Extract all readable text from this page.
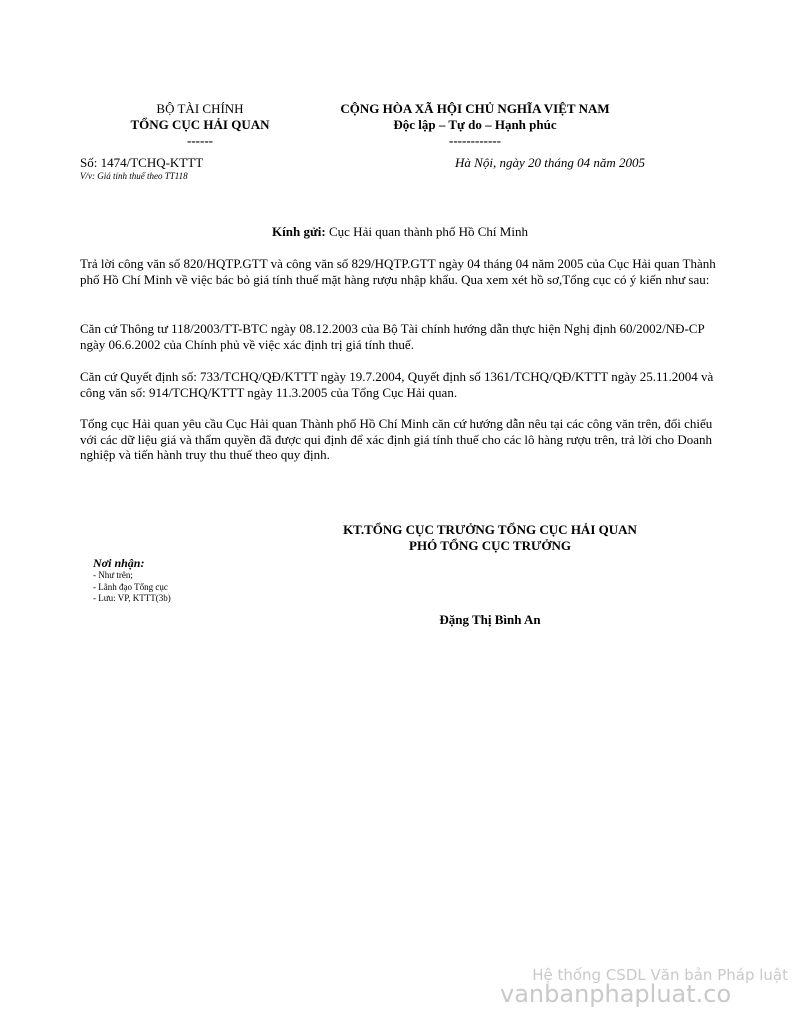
BỘ TÀI CHÍNH
TỔNG CỤC HẢI QUAN
------
CỘNG HÒA XÃ HỘI CHỦ NGHĨA VIỆT NAM
Độc lập – Tự do – Hạnh phúc
------------
Số: 1474/TCHQ-KTTT
V/v: Giá tính thuế theo TT118
Hà Nội, ngày 20 tháng 04 năm 2005
Kính gửi: Cục Hải quan thành phố Hồ Chí Minh
Trả lời công văn số 820/HQTP.GTT và công văn số 829/HQTP.GTT ngày 04 tháng 04 năm 2005 của Cục Hải quan Thành phố Hồ Chí Minh về việc bác bỏ giá tính thuế mặt hàng rượu nhập khẩu. Qua xem xét hồ sơ,Tổng cục có ý kiến như sau:
Căn cứ Thông tư 118/2003/TT-BTC ngày 08.12.2003 của Bộ Tài chính hướng dẫn thực hiện Nghị định 60/2002/NĐ-CP ngày 06.6.2002 của Chính phủ về việc xác định trị giá tính thuế.
Căn cứ Quyết định số: 733/TCHQ/QĐ/KTTT ngày 19.7.2004, Quyết định số 1361/TCHQ/QĐ/KTTT ngày 25.11.2004 và công văn số: 914/TCHQ/KTTT ngày 11.3.2005 của Tổng Cục Hải quan.
Tổng cục Hải quan yêu cầu Cục Hải quan Thành phố Hồ Chí Minh căn cứ hướng dẫn nêu tại các công văn trên, đối chiếu với các dữ liệu giá và thẩm quyền đã được qui định để xác định giá tính thuế cho các lô hàng rượu trên, trả lời cho Doanh nghiệp và tiến hành truy thu thuế theo quy định.
KT.TỔNG CỤC TRƯỞNG TỔNG CỤC HẢI QUAN
PHÓ TỔNG CỤC TRƯỞNG
Nơi nhận:
- Như trên;
- Lãnh đạo Tổng cục
- Lưu: VP, KTTT(3b)
Đặng Thị Bình An
Hệ thống CSDL Văn bản Pháp luật
vanbanphapluat.co
